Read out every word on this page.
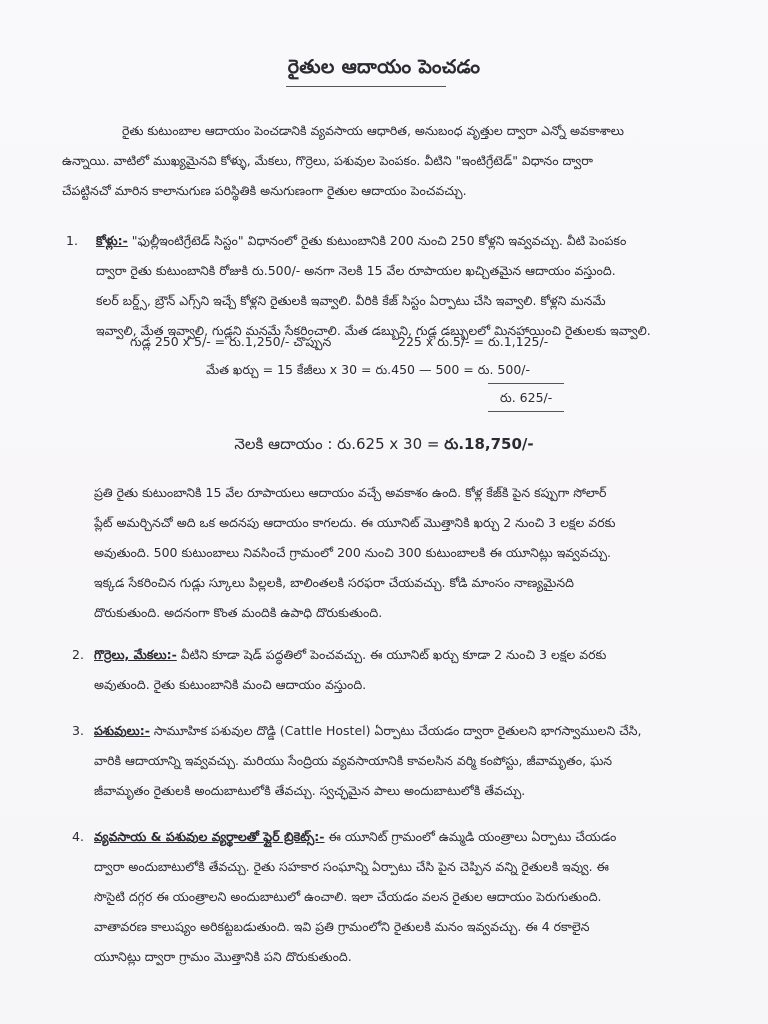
రైతుల ఆదాయం పెంచడం
రైతు కుటుంబాల ఆదాయం పెంచడానికి వ్యవసాయ ఆధారిత, అనుబంధ వృత్తుల ద్వారా ఎన్నో అవకాశాలు
ఉన్నాయి. వాటిలో ముఖ్యమైనవి కోళ్ళు, మేకలు, గొర్రెలు, పశువుల పెంపకం. వీటిని "ఇంటిగ్రేటెడ్" విధానం ద్వారా
చేపట్టినచో మారిన కాలానుగుణ పరిస్థితికి అనుగుణంగా రైతుల ఆదాయం పెంచవచ్చు.
1. కోళ్లు:- "ఫుల్లీఇంటిగ్రేటెడ్ సిస్టం" విధానంలో రైతు కుటుంబానికి 200 నుంచి 250 కోళ్లని ఇవ్వవచ్చు. వీటి పెంపకం
ద్వారా రైతు కుటుంబానికి రోజుకి రు.500/- అనగా నెలకి 15 వేల రూపాయల ఖచ్చితమైన ఆదాయం వస్తుంది.
కలర్ బర్డ్స్, బ్రౌన్ ఎగ్స్‌ని ఇచ్చే కోళ్లని రైతులకి ఇవ్వాలి. వీరికి కేజ్ సిస్టం ఏర్పాటు చేసి ఇవ్వాలి. కోళ్లని మనమే
ఇవ్వాలి, మేత ఇవ్వాలి, గుడ్లని మనమే సేకరించాలి. మేత డబ్బుని, గుడ్ల డబ్బులలో మినహాయించి రైతులకు ఇవ్వాలి.
గుడ్ల 250 x 5/- = రు.1,250/- చొప్పున	225 x రు.5/- = రు.1,125/-
మేత ఖర్చు = 15 కేజీలు x 30 = రు.450 — 500 = రు. 500/-
రు. 625/-
నెలకి ఆదాయం : రు.625 x 30 = రు.18,750/-
ప్రతి రైతు కుటుంబానికి 15 వేల రూపాయలు ఆదాయం వచ్చే అవకాశం ఉంది. కోళ్ల కేజ్‌కి పైన కప్పుగా సోలార్
ప్లేట్ అమర్చినచో అది ఒక అదనపు ఆదాయం కాగలదు. ఈ యూనిట్ మొత్తానికి ఖర్చు 2 నుంచి 3 లక్షల వరకు
అవుతుంది. 500 కుటుంబాలు నివసించే గ్రామంలో 200 నుంచి 300 కుటుంబాలకి ఈ యూనిట్లు ఇవ్వవచ్చు.
ఇక్కడ సేకరించిన గుడ్లు స్కూలు పిల్లలకి, బాలింతలకి సరఫరా చేయవచ్చు. కోడి మాంసం నాణ్యమైనది
దొరుకుతుంది. అదనంగా కొంత మందికి ఉపాధి దొరుకుతుంది.
2. గొర్రెలు, మేకలు:- వీటిని కూడా షెడ్ పద్ధతిలో పెంచవచ్చు. ఈ యూనిట్ ఖర్చు కూడా 2 నుంచి 3 లక్షల వరకు
అవుతుంది. రైతు కుటుంబానికి మంచి ఆదాయం వస్తుంది.
3. పశువులు:- సామూహిక పశువుల దొడ్డి (Cattle Hostel) ఏర్పాటు చేయడం ద్వారా రైతులని భాగస్వాములని చేసి,
వారికి ఆదాయాన్ని ఇవ్వవచ్చు. మరియు సేంద్రియ వ్యవసాయానికి కావలసిన వర్మి కంపోస్టు, జీవామృతం, ఘన
జీవామృతం రైతులకి అందుబాటులోకి తేవచ్చు. స్వచ్ఛమైన పాలు అందుబాటులోకి తేవచ్చు.
4. వ్యవసాయ & పశువుల వ్యర్థాలతో ఫ్లైర్ బ్రికెట్స్:- ఈ యూనిట్ గ్రామంలో ఉమ్మడి యంత్రాలు ఏర్పాటు చేయడం
ద్వారా అందుబాటులోకి తేవచ్చు. రైతు సహకార సంఘాన్ని ఏర్పాటు చేసి పైన చెప్పిన వన్ని రైతులకి ఇవ్వు. ఈ
సొసైటి దగ్గర ఈ యంత్రాలని అందుబాటులో ఉంచాలి. ఇలా చేయడం వలన రైతుల ఆదాయం పెరుగుతుంది.
వాతావరణ కాలుష్యం అరికట్టబడుతుంది. ఇవి ప్రతి గ్రామంలోని రైతులకి మనం ఇవ్వవచ్చు. ఈ 4 రకాలైన
యూనిట్లు ద్వారా గ్రామం మొత్తానికి పని దొరుకుతుంది.
